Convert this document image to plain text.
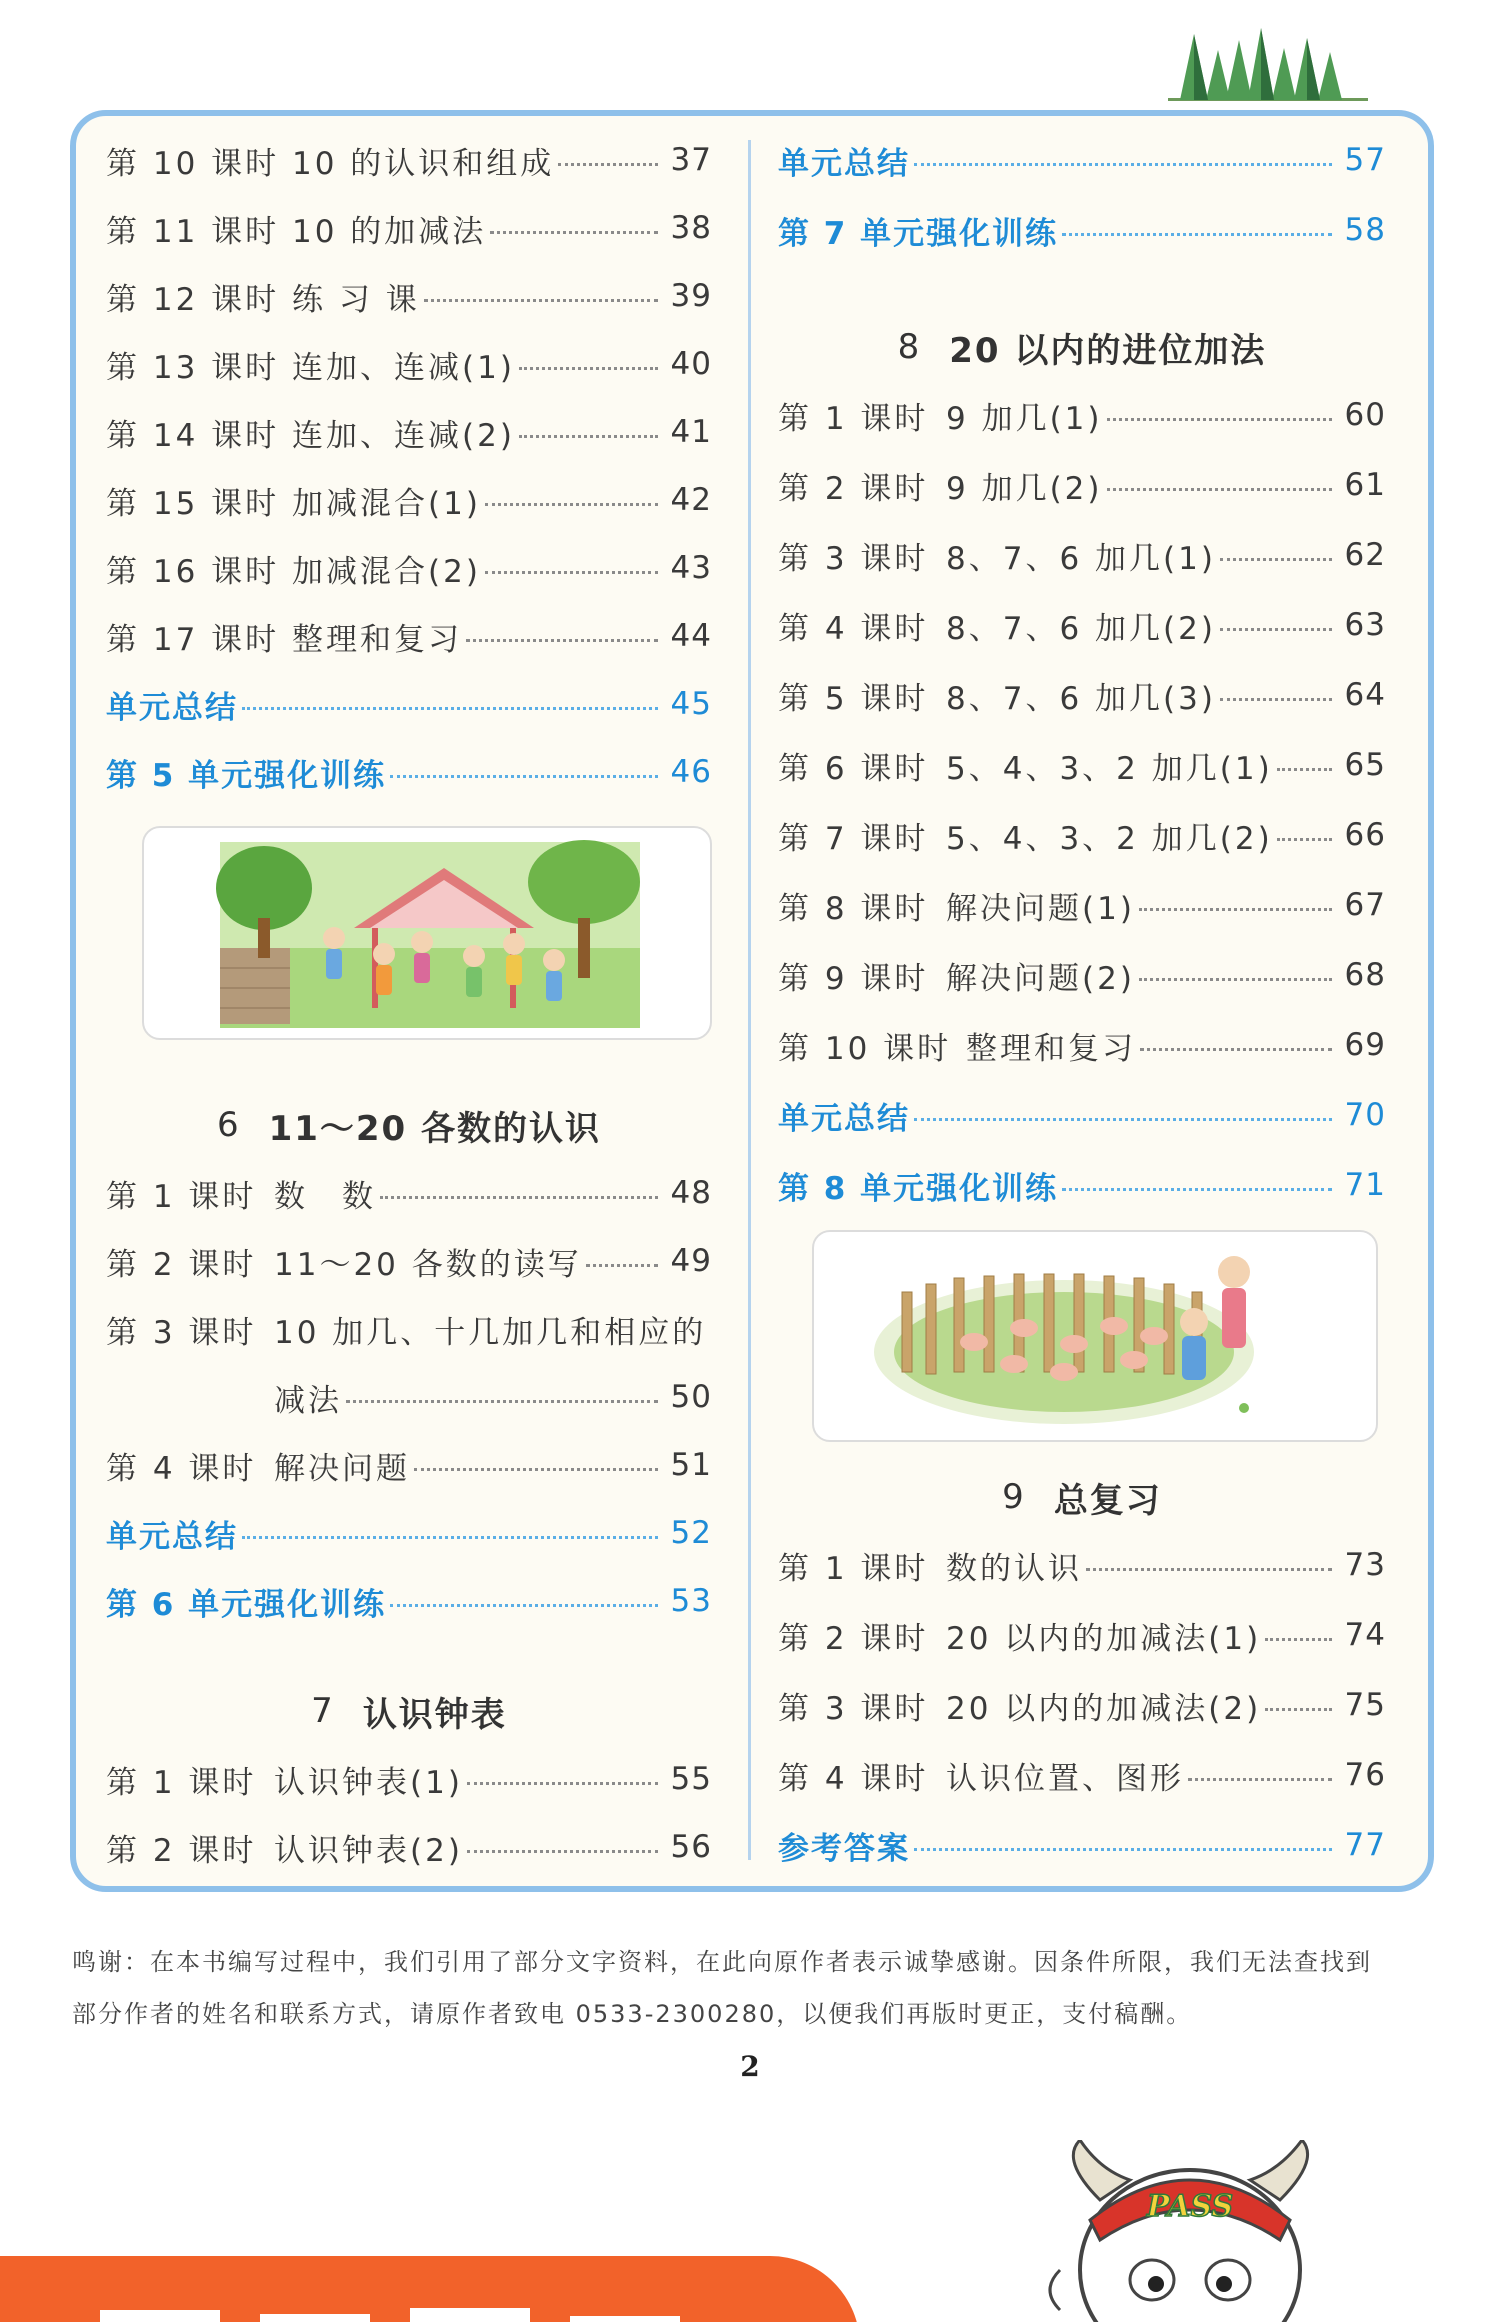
第 10 课时 10 的认识和组成	37
第 11 课时 10 的加减法	38
第 12 课时 练 习 课	39
第 13 课时 连加、连减(1)	40
第 14 课时 连加、连减(2)	41
第 15 课时 加减混合(1)	42
第 16 课时 加减混合(2)	43
第 17 课时 整理和复习	44
单元总结	45
第 5 单元强化训练	46
6 11～20 各数的认识
第 1 课时 数　数	48
第 2 课时 11～20 各数的读写	49
第 3 课时 10 加几、十几加几和相应的
减法	50
第 4 课时 解决问题	51
单元总结	52
第 6 单元强化训练	53
7 认识钟表
第 1 课时 认识钟表(1)	55
第 2 课时 认识钟表(2)	56
单元总结	57
第 7 单元强化训练	58
8 20 以内的进位加法
第 1 课时 9 加几(1)	60
第 2 课时 9 加几(2)	61
第 3 课时 8、7、6 加几(1)	62
第 4 课时 8、7、6 加几(2)	63
第 5 课时 8、7、6 加几(3)	64
第 6 课时 5、4、3、2 加几(1) 65
第 7 课时 5、4、3、2 加几(2) 66
第 8 课时 解决问题(1)	67
第 9 课时 解决问题(2)	68
第 10 课时 整理和复习	69
单元总结	70
第 8 单元强化训练	71
9 总复习
第 1 课时 数的认识	73
第 2 课时 20 以内的加减法(1)	74
第 3 课时 20 以内的加减法(2)	75
第 4 课时 认识位置、图形	76
参考答案	77
鸣谢：在本书编写过程中，我们引用了部分文字资料，在此向原作者表示诚挚感谢。因条件所限，我们无法查找到
部分作者的姓名和联系方式，请原作者致电 0533-2300280，以便我们再版时更正，支付稿酬。
2
PASS
